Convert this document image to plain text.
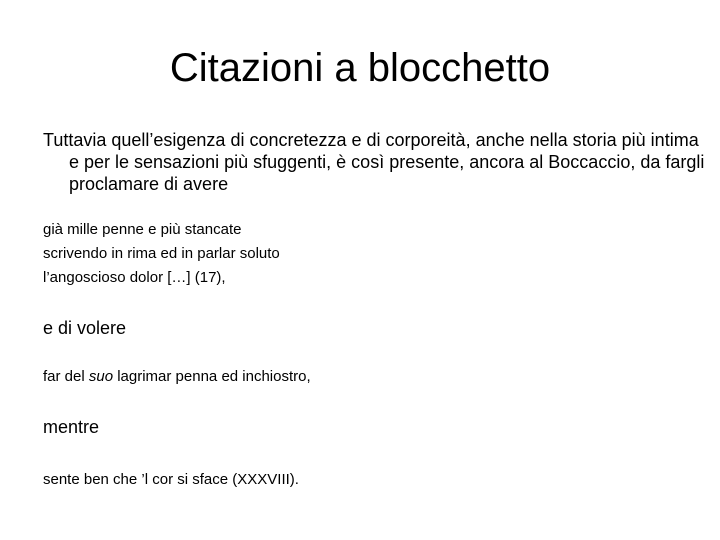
Citazioni a blocchetto

Tuttavia quell’esigenza di concretezza e di corporeità, anche nella storia più intima e per le sensazioni più sfuggenti, è così presente, ancora al Boccaccio, da fargli proclamare di avere

già mille penne e più stancate
scrivendo in rima ed in parlar soluto
l’angoscioso dolor […] (17),

e di volere

far del suo lagrimar penna ed inchiostro,

mentre

sente ben che ’l cor si sface (XXXVIII).
